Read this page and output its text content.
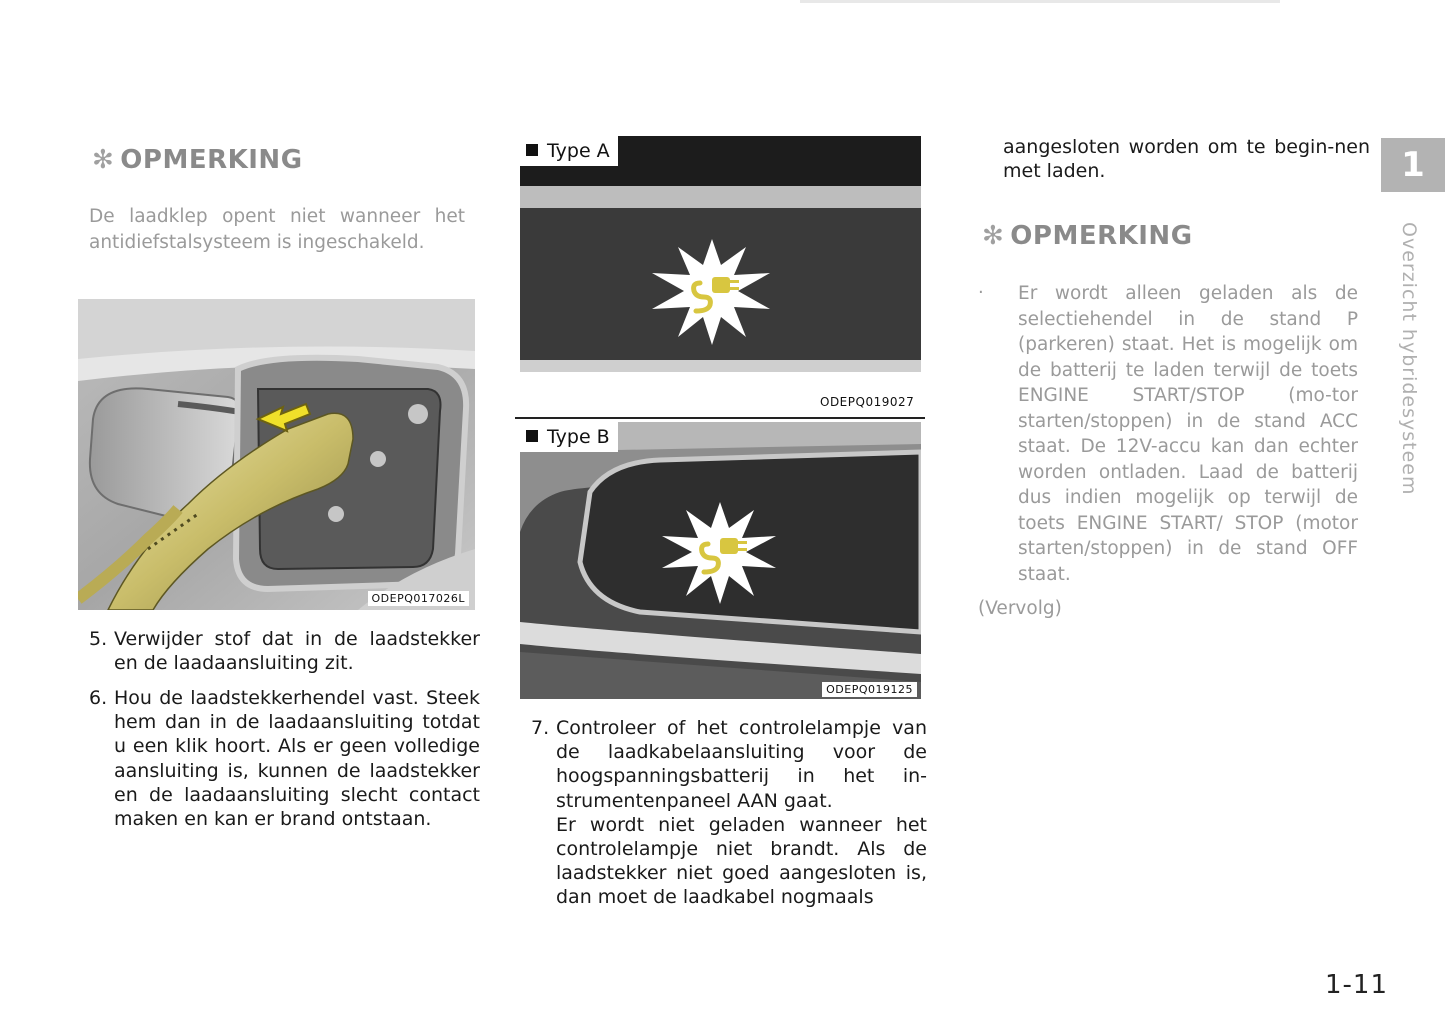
✻ OPMERKING
De laadklep opent niet wanneer het antidiefstalsysteem is ingeschakeld.
ODEPQ017026L
5. Verwijder stof dat in de laadstekker en de laadaansluiting zit.
6. Hou de laadstekkerhendel vast. Steek hem dan in de laadaansluiting totdat u een klik hoort. Als er geen volledige aansluiting is, kunnen de laadstekker en de laadaansluiting slecht contact maken en kan er brand ontstaan.
Type A
ODEPQ019027
Type B
ODEPQ019125
7. Controleer of het controlelampje van de laadkabelaansluiting voor de hoogspanningsbatterij in het in-strumentenpaneel AAN gaat.
Er wordt niet geladen wanneer het controlelampje niet brandt. Als de laadstekker niet goed aangesloten is, dan moet de laadkabel nogmaals
aangesloten worden om te begin-nen met laden.
✻ OPMERKING
· Er wordt alleen geladen als de selectiehendel in de stand P (parkeren) staat. Het is mogelijk om de batterij te laden terwijl de toets ENGINE START/STOP (mo-tor starten/stoppen) in de stand ACC staat. De 12V-accu kan dan echter worden ontladen. Laad de batterij dus indien mogelijk op terwijl de toets ENGINE START/ STOP (motor starten/stoppen) in de stand OFF staat.
(Vervolg)
1
Overzicht hybridesysteem
1-11
